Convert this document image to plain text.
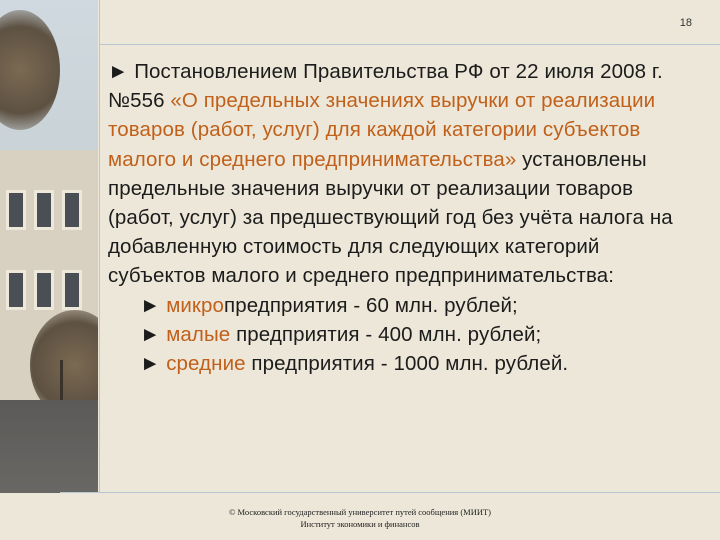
18

► Постановлением Правительства РФ от 22 июля 2008 г. №556 «О предельных значениях выручки от реализации товаров (работ, услуг) для каждой категории субъектов малого и среднего предпринимательства» установлены предельные значения выручки от реализации товаров (работ, услуг) за предшествующий год без учёта налога на добавленную стоимость для следующих категорий субъектов малого и среднего предпринимательства:

► микропредприятия - 60 млн. рублей;
► малые предприятия - 400 млн. рублей;
► средние предприятия - 1000 млн. рублей.
© Московский государственный университет путей сообщения (МИИТ)
Институт экономики и финансов
